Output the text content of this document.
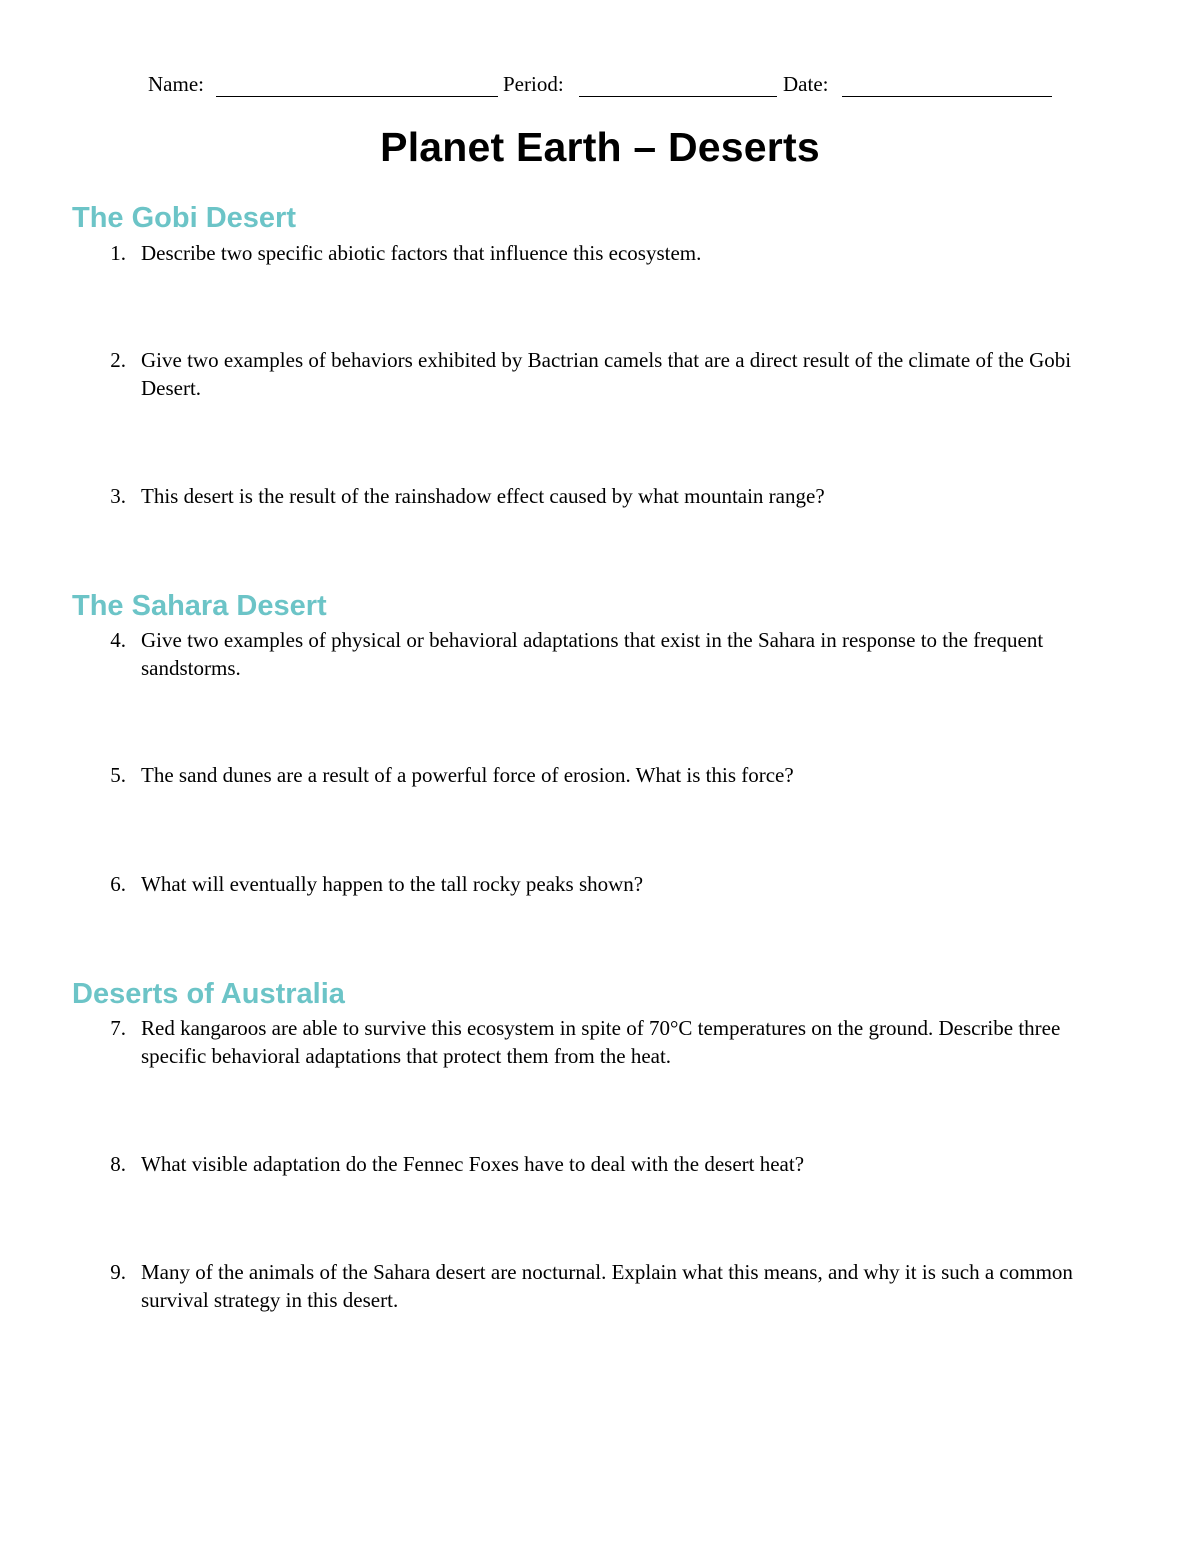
Name:	Period:	Date:
Planet Earth – Deserts
The Gobi Desert
1. Describe two specific abiotic factors that influence this ecosystem.
2. Give two examples of behaviors exhibited by Bactrian camels that are a direct result of the climate of the Gobi Desert.
3. This desert is the result of the rainshadow effect caused by what mountain range?
The Sahara Desert
4. Give two examples of physical or behavioral adaptations that exist in the Sahara in response to the frequent sandstorms.
5. The sand dunes are a result of a powerful force of erosion. What is this force?
6. What will eventually happen to the tall rocky peaks shown?
Deserts of Australia
7. Red kangaroos are able to survive this ecosystem in spite of 70°C temperatures on the ground. Describe three specific behavioral adaptations that protect them from the heat.
8. What visible adaptation do the Fennec Foxes have to deal with the desert heat?
9. Many of the animals of the Sahara desert are nocturnal. Explain what this means, and why it is such a common survival strategy in this desert.
